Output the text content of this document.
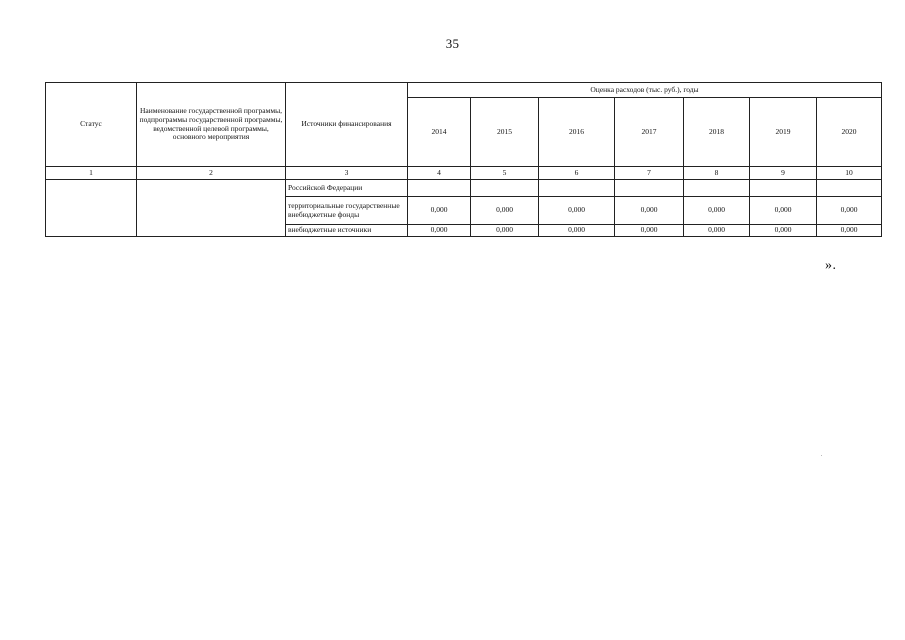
35
Статус	Наименование государственной программы, подпрограммы государственной программы, ведомственной целевой программы, основного мероприятия	Источники финансирования	Оценка расходов (тыс. руб.), годы						
			2014	2015	2016	2017	2018	2019	2020
1	2	3	4	5	6	7	8	9	10
		Российской Федерации							
		территориальные государственные внебюджетные фонды	0,000	0,000	0,000	0,000	0,000	0,000	0,000
		внебюджетные источники	0,000	0,000	0,000	0,000	0,000	0,000	0,000
».
